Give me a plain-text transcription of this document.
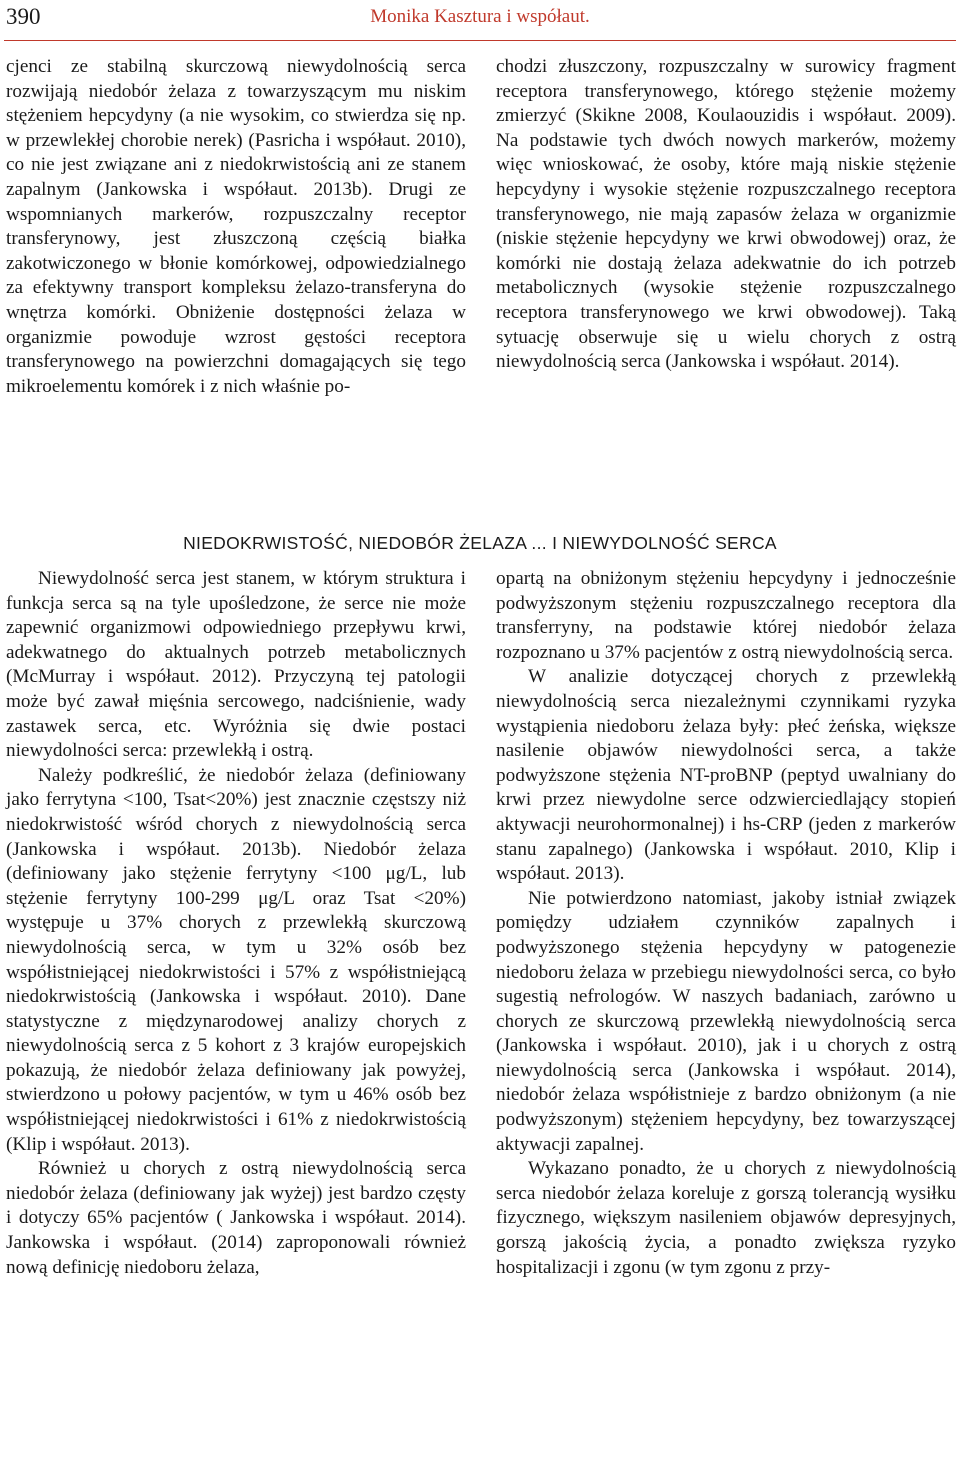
390	Monika Kasztura i współaut.

cjenci ze stabilną skurczową niewydolnością serca rozwijają niedobór żelaza z towarzyszącym mu niskim stężeniem hepcydyny (a nie wysokim, co stwierdza się np. w przewlekłej chorobie nerek) (Pasricha i współaut. 2010), co nie jest związane ani z niedokrwistością ani ze stanem zapalnym (Jankowska i współaut. 2013b). Drugi ze wspomnianych markerów, rozpuszczalny receptor transferynowy, jest złuszczoną częścią białka zakotwiczonego w błonie komórkowej, odpowiedzialnego za efektywny transport kompleksu żelazo-transferyna do wnętrza komórki. Obniżenie dostępności żelaza w organizmie powoduje wzrost gęstości receptora transferynowego na powierzchni domagających się tego mikroelementu komórek i z nich właśnie po-

chodzi złuszczony, rozpuszczalny w surowicy fragment receptora transferynowego, którego stężenie możemy zmierzyć (Skikne 2008, Koulaouzidis i współaut. 2009). Na podstawie tych dwóch nowych markerów, możemy więc wnioskować, że osoby, które mają niskie stężenie hepcydyny i wysokie stężenie rozpuszczalnego receptora transferynowego, nie mają zapasów żelaza w organizmie (niskie stężenie hepcydyny we krwi obwodowej) oraz, że komórki nie dostają żelaza adekwatnie do ich potrzeb metabolicznych (wysokie stężenie rozpuszczalnego receptora transferynowego we krwi obwodowej). Taką sytuację obserwuje się u wielu chorych z ostrą niewydolnością serca (Jankowska i współaut. 2014).

NIEDOKRWISTOŚĆ, NIEDOBÓR ŻELAZA ... I NIEWYDOLNOŚĆ SERCA

Niewydolność serca jest stanem, w którym struktura i funkcja serca są na tyle upośledzone, że serce nie może zapewnić organizmowi odpowiedniego przepływu krwi, adekwatnego do aktualnych potrzeb metabolicznych (McMurray i współaut. 2012). Przyczyną tej patologii może być zawał mięśnia sercowego, nadciśnienie, wady zastawek serca, etc. Wyróżnia się dwie postaci niewydolności serca: przewlekłą i ostrą.

Należy podkreślić, że niedobór żelaza (definiowany jako ferrytyna <100, Tsat<20%) jest znacznie częstszy niż niedokrwistość wśród chorych z niewydolnością serca (Jankowska i współaut. 2013b). Niedobór żelaza (definiowany jako stężenie ferrytyny <100 μg/L, lub stężenie ferrytyny 100-299 μg/L oraz Tsat <20%) występuje u 37% chorych z przewlekłą skurczową niewydolnością serca, w tym u 32% osób bez współistniejącej niedokrwistości i 57% z współistniejącą niedokrwistością (Jankowska i współaut. 2010). Dane statystyczne z międzynarodowej analizy chorych z niewydolnością serca z 5 kohort z 3 krajów europejskich pokazują, że niedobór żelaza definiowany jak powyżej, stwierdzono u połowy pacjentów, w tym u 46% osób bez współistniejącej niedokrwistości i 61% z niedokrwistością (Klip i współaut. 2013).

Również u chorych z ostrą niewydolnością serca niedobór żelaza (definiowany jak wyżej) jest bardzo częsty i dotyczy 65% pacjentów ( Jankowska i współaut. 2014). Jankowska i współaut. (2014) zaproponowali również nową definicję niedoboru żelaza,

opartą na obniżonym stężeniu hepcydyny i jednocześnie podwyższonym stężeniu rozpuszczalnego receptora dla transferryny, na podstawie której niedobór żelaza rozpoznano u 37% pacjentów z ostrą niewydolnością serca.

W analizie dotyczącej chorych z przewlekłą niewydolnością serca niezależnymi czynnikami ryzyka wystąpienia niedoboru żelaza były: płeć żeńska, większe nasilenie objawów niewydolności serca, a także podwyższone stężenia NT-proBNP (peptyd uwalniany do krwi przez niewydolne serce odzwierciedlający stopień aktywacji neurohormonalnej) i hs-CRP (jeden z markerów stanu zapalnego) (Jankowska i współaut. 2010, Klip i współaut. 2013).

Nie potwierdzono natomiast, jakoby istniał związek pomiędzy udziałem czynników zapalnych i podwyższonego stężenia hepcydyny w patogenezie niedoboru żelaza w przebiegu niewydolności serca, co było sugestią nefrologów. W naszych badaniach, zarówno u chorych ze skurczową przewlekłą niewydolnością serca (Jankowska i współaut. 2010), jak i u chorych z ostrą niewydolnością serca (Jankowska i współaut. 2014), niedobór żelaza współistnieje z bardzo obniżonym (a nie podwyższonym) stężeniem hepcydyny, bez towarzyszącej aktywacji zapalnej.

Wykazano ponadto, że u chorych z niewydolnością serca niedobór żelaza koreluje z gorszą tolerancją wysiłku fizycznego, większym nasileniem objawów depresyjnych, gorszą jakością życia, a ponadto zwiększa ryzyko hospitalizacji i zgonu (w tym zgonu z przy-
